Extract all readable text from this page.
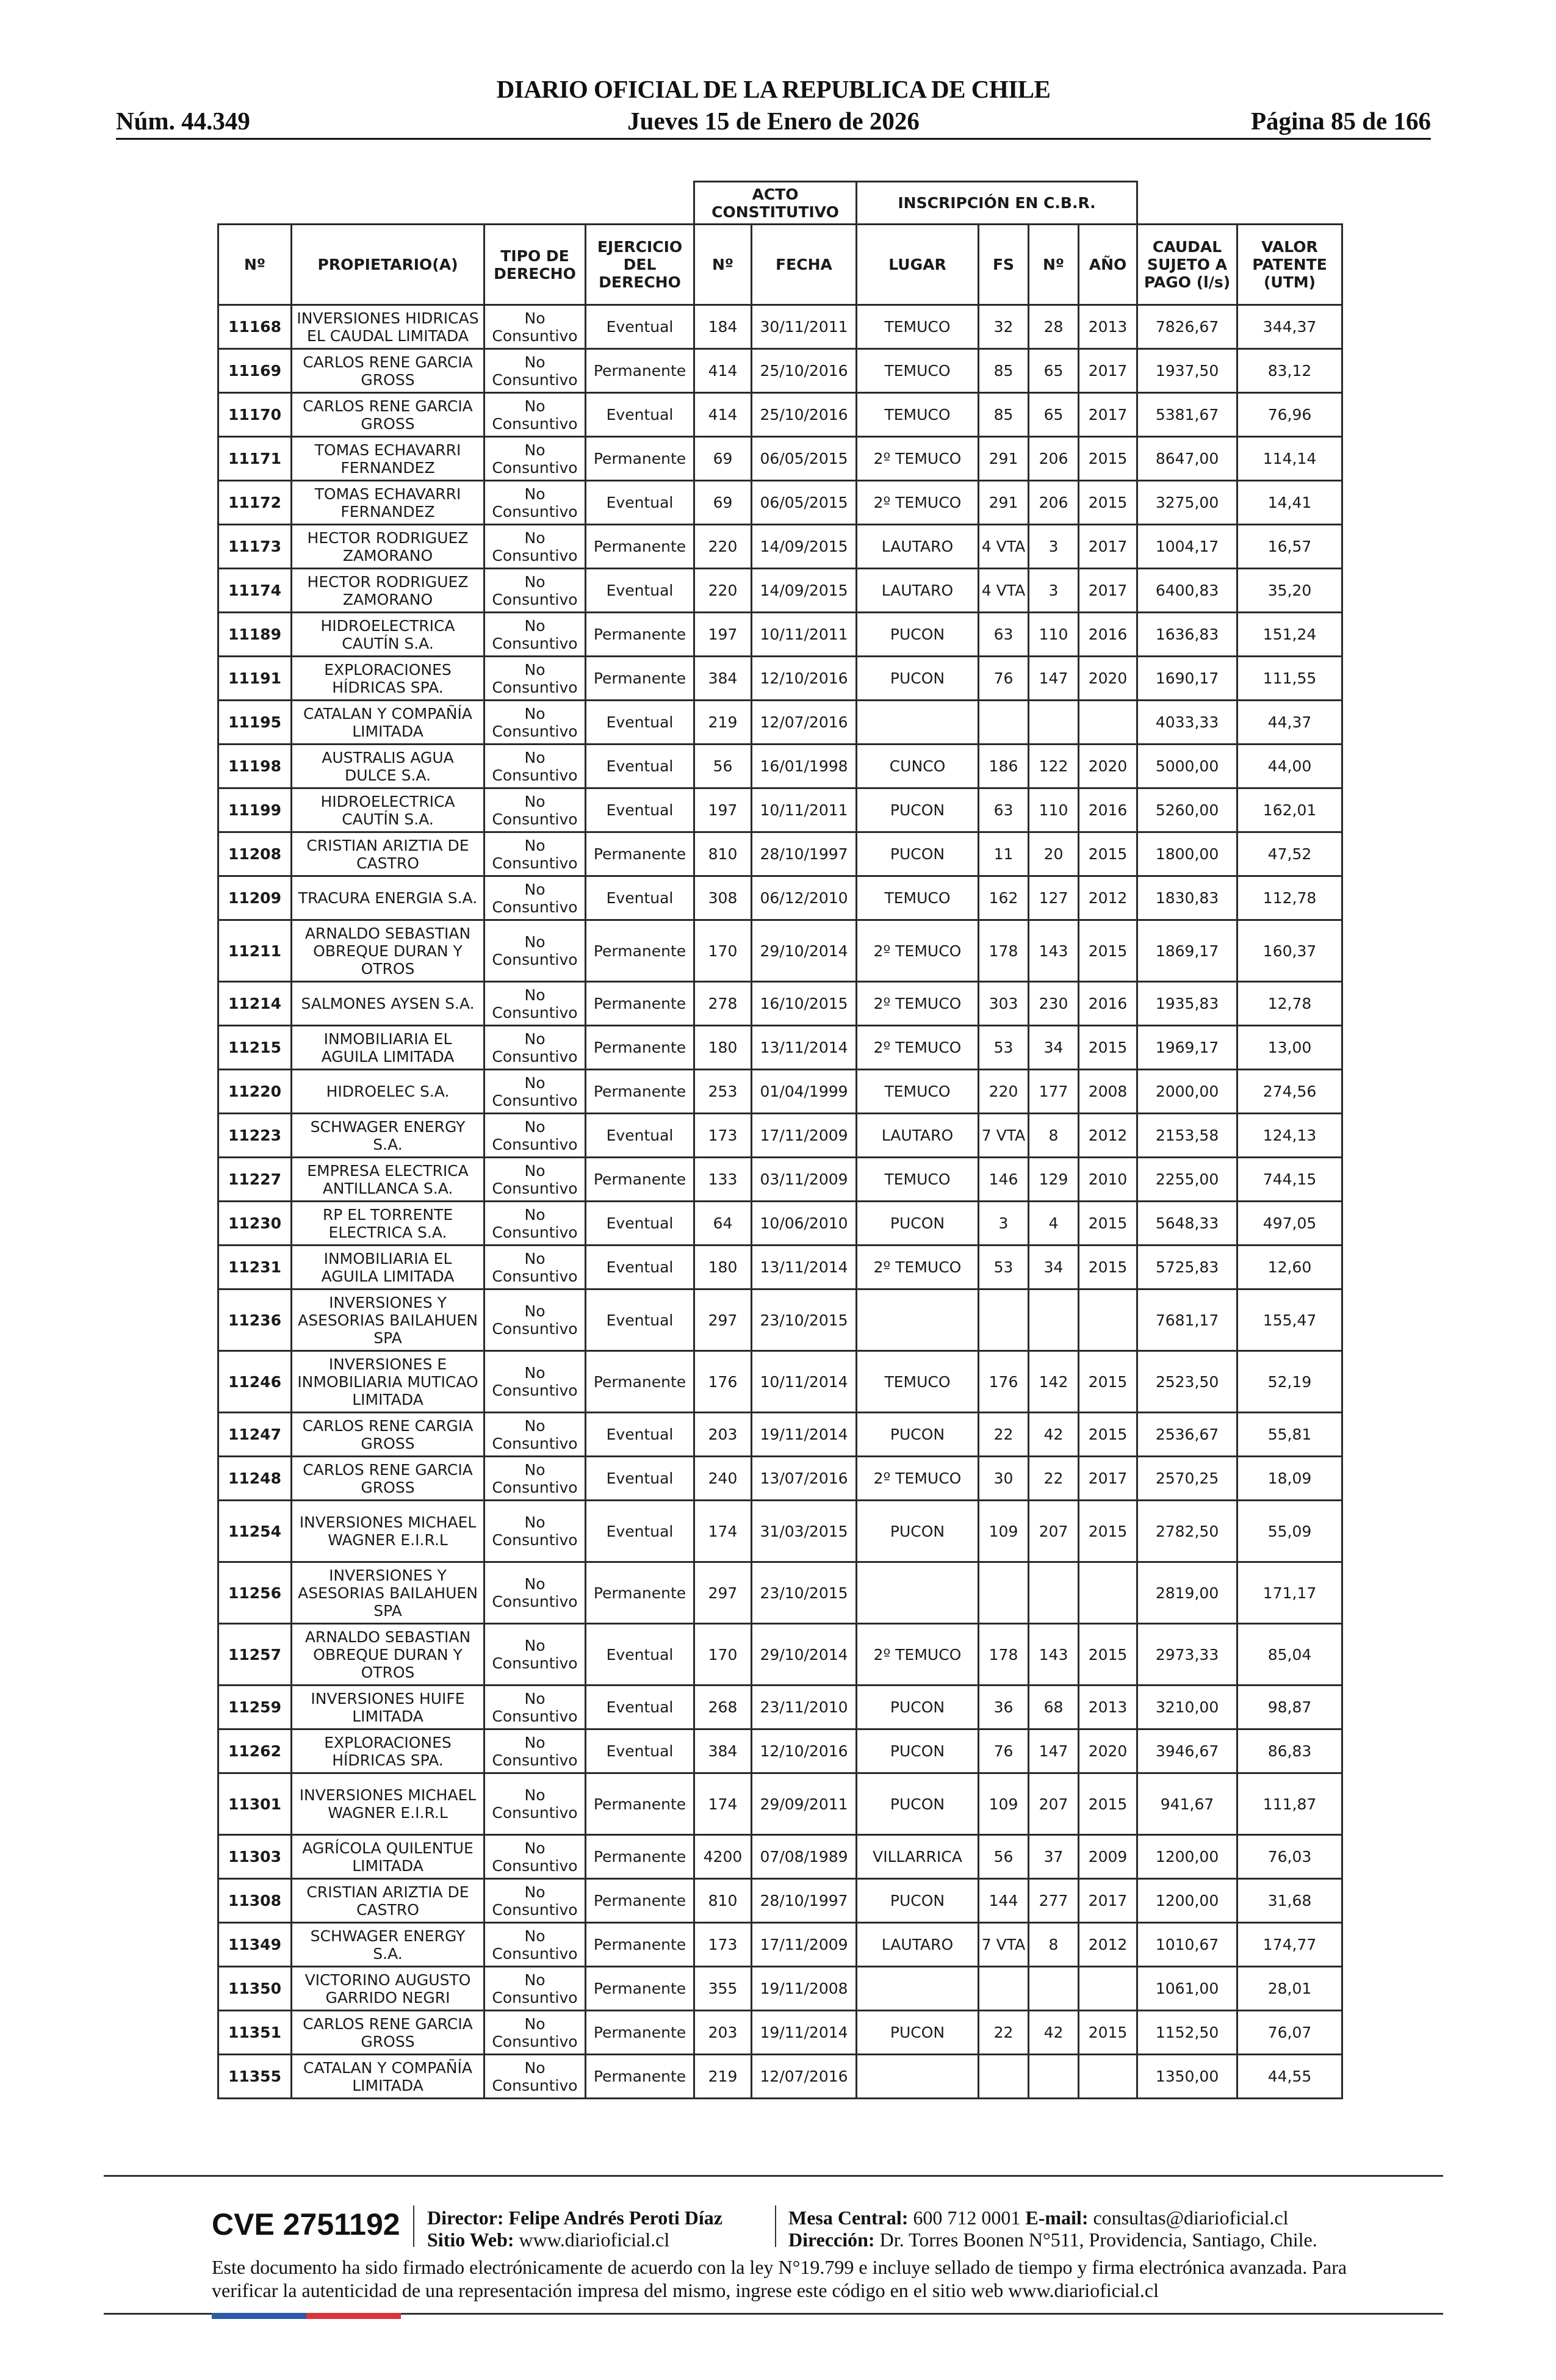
DIARIO OFICIAL DE LA REPUBLICA DE CHILE
Núm. 44.349	Jueves 15 de Enero de 2026	Página 85 de 166
				ACTO CONSTITUTIVO		INSCRIPCIÓN EN C.B.R.					
Nº	PROPIETARIO(A)	TIPO DE DERECHO	EJERCICIO DEL DERECHO	Nº	FECHA	LUGAR	FS	Nº	AÑO	CAUDAL SUJETO A PAGO (l/s)	VALOR PATENTE (UTM)
11168	INVERSIONES HIDRICAS EL CAUDAL LIMITADA	No Consuntivo	Eventual	184	30/11/2011	TEMUCO	32	28	2013	7826,67	344,37
11169	CARLOS RENE GARCIA GROSS	No Consuntivo	Permanente	414	25/10/2016	TEMUCO	85	65	2017	1937,50	83,12
11170	CARLOS RENE GARCIA GROSS	No Consuntivo	Eventual	414	25/10/2016	TEMUCO	85	65	2017	5381,67	76,96
11171	TOMAS ECHAVARRI FERNANDEZ	No Consuntivo	Permanente	69	06/05/2015	2º TEMUCO	291	206	2015	8647,00	114,14
11172	TOMAS ECHAVARRI FERNANDEZ	No Consuntivo	Eventual	69	06/05/2015	2º TEMUCO	291	206	2015	3275,00	14,41
11173	HECTOR RODRIGUEZ ZAMORANO	No Consuntivo	Permanente	220	14/09/2015	LAUTARO	4 VTA	3	2017	1004,17	16,57
11174	HECTOR RODRIGUEZ ZAMORANO	No Consuntivo	Eventual	220	14/09/2015	LAUTARO	4 VTA	3	2017	6400,83	35,20
11189	HIDROELECTRICA CAUTÍN S.A.	No Consuntivo	Permanente	197	10/11/2011	PUCON	63	110	2016	1636,83	151,24
11191	EXPLORACIONES HÍDRICAS SPA.	No Consuntivo	Permanente	384	12/10/2016	PUCON	76	147	2020	1690,17	111,55
11195	CATALAN Y COMPAÑÍA LIMITADA	No Consuntivo	Eventual	219	12/07/2016					4033,33	44,37
11198	AUSTRALIS AGUA DULCE S.A.	No Consuntivo	Eventual	56	16/01/1998	CUNCO	186	122	2020	5000,00	44,00
11199	HIDROELECTRICA CAUTÍN S.A.	No Consuntivo	Eventual	197	10/11/2011	PUCON	63	110	2016	5260,00	162,01
11208	CRISTIAN ARIZTIA DE CASTRO	No Consuntivo	Permanente	810	28/10/1997	PUCON	11	20	2015	1800,00	47,52
11209	TRACURA ENERGIA S.A.	No Consuntivo	Eventual	308	06/12/2010	TEMUCO	162	127	2012	1830,83	112,78
11211	ARNALDO SEBASTIAN OBREQUE DURAN Y OTROS	No Consuntivo	Permanente	170	29/10/2014	2º TEMUCO	178	143	2015	1869,17	160,37
11214	SALMONES AYSEN S.A.	No Consuntivo	Permanente	278	16/10/2015	2º TEMUCO	303	230	2016	1935,83	12,78
11215	INMOBILIARIA EL AGUILA LIMITADA	No Consuntivo	Permanente	180	13/11/2014	2º TEMUCO	53	34	2015	1969,17	13,00
11220	HIDROELEC S.A.	No Consuntivo	Permanente	253	01/04/1999	TEMUCO	220	177	2008	2000,00	274,56
11223	SCHWAGER ENERGY S.A.	No Consuntivo	Eventual	173	17/11/2009	LAUTARO	7 VTA	8	2012	2153,58	124,13
11227	EMPRESA ELECTRICA ANTILLANCA S.A.	No Consuntivo	Permanente	133	03/11/2009	TEMUCO	146	129	2010	2255,00	744,15
11230	RP EL TORRENTE ELECTRICA S.A.	No Consuntivo	Eventual	64	10/06/2010	PUCON	3	4	2015	5648,33	497,05
11231	INMOBILIARIA EL AGUILA LIMITADA	No Consuntivo	Eventual	180	13/11/2014	2º TEMUCO	53	34	2015	5725,83	12,60
11236	INVERSIONES Y ASESORIAS BAILAHUEN SPA	No Consuntivo	Eventual	297	23/10/2015					7681,17	155,47
11246	INVERSIONES E INMOBILIARIA MUTICAO LIMITADA	No Consuntivo	Permanente	176	10/11/2014	TEMUCO	176	142	2015	2523,50	52,19
11247	CARLOS RENE CARGIA GROSS	No Consuntivo	Eventual	203	19/11/2014	PUCON	22	42	2015	2536,67	55,81
11248	CARLOS RENE GARCIA GROSS	No Consuntivo	Eventual	240	13/07/2016	2º TEMUCO	30	22	2017	2570,25	18,09
11254	INVERSIONES MICHAEL WAGNER E.I.R.L	No Consuntivo	Eventual	174	31/03/2015	PUCON	109	207	2015	2782,50	55,09
11256	INVERSIONES Y ASESORIAS BAILAHUEN SPA	No Consuntivo	Permanente	297	23/10/2015					2819,00	171,17
11257	ARNALDO SEBASTIAN OBREQUE DURAN Y OTROS	No Consuntivo	Eventual	170	29/10/2014	2º TEMUCO	178	143	2015	2973,33	85,04
11259	INVERSIONES HUIFE LIMITADA	No Consuntivo	Eventual	268	23/11/2010	PUCON	36	68	2013	3210,00	98,87
11262	EXPLORACIONES HÍDRICAS SPA.	No Consuntivo	Eventual	384	12/10/2016	PUCON	76	147	2020	3946,67	86,83
11301	INVERSIONES MICHAEL WAGNER E.I.R.L	No Consuntivo	Permanente	174	29/09/2011	PUCON	109	207	2015	941,67	111,87
11303	AGRÍCOLA QUILENTUE LIMITADA	No Consuntivo	Permanente	4200	07/08/1989	VILLARRICA	56	37	2009	1200,00	76,03
11308	CRISTIAN ARIZTIA DE CASTRO	No Consuntivo	Permanente	810	28/10/1997	PUCON	144	277	2017	1200,00	31,68
11349	SCHWAGER ENERGY S.A.	No Consuntivo	Permanente	173	17/11/2009	LAUTARO	7 VTA	8	2012	1010,67	174,77
11350	VICTORINO AUGUSTO GARRIDO NEGRI	No Consuntivo	Permanente	355	19/11/2008					1061,00	28,01
11351	CARLOS RENE GARCIA GROSS	No Consuntivo	Permanente	203	19/11/2014	PUCON	22	42	2015	1152,50	76,07
11355	CATALAN Y COMPAÑÍA LIMITADA	No Consuntivo	Permanente	219	12/07/2016					1350,00	44,55
CVE 2751192 Director: Felipe Andrés Peroti Díaz
Sitio Web: www.diarioficial.cl
Mesa Central: 600 712 0001 E-mail: consultas@diarioficial.cl
Dirección: Dr. Torres Boonen N°511, Providencia, Santiago, Chile.
Este documento ha sido firmado electrónicamente de acuerdo con la ley N°19.799 e incluye sellado de tiempo y firma electrónica avanzada. Para verificar la autenticidad de una representación impresa del mismo, ingrese este código en el sitio web www.diarioficial.cl
